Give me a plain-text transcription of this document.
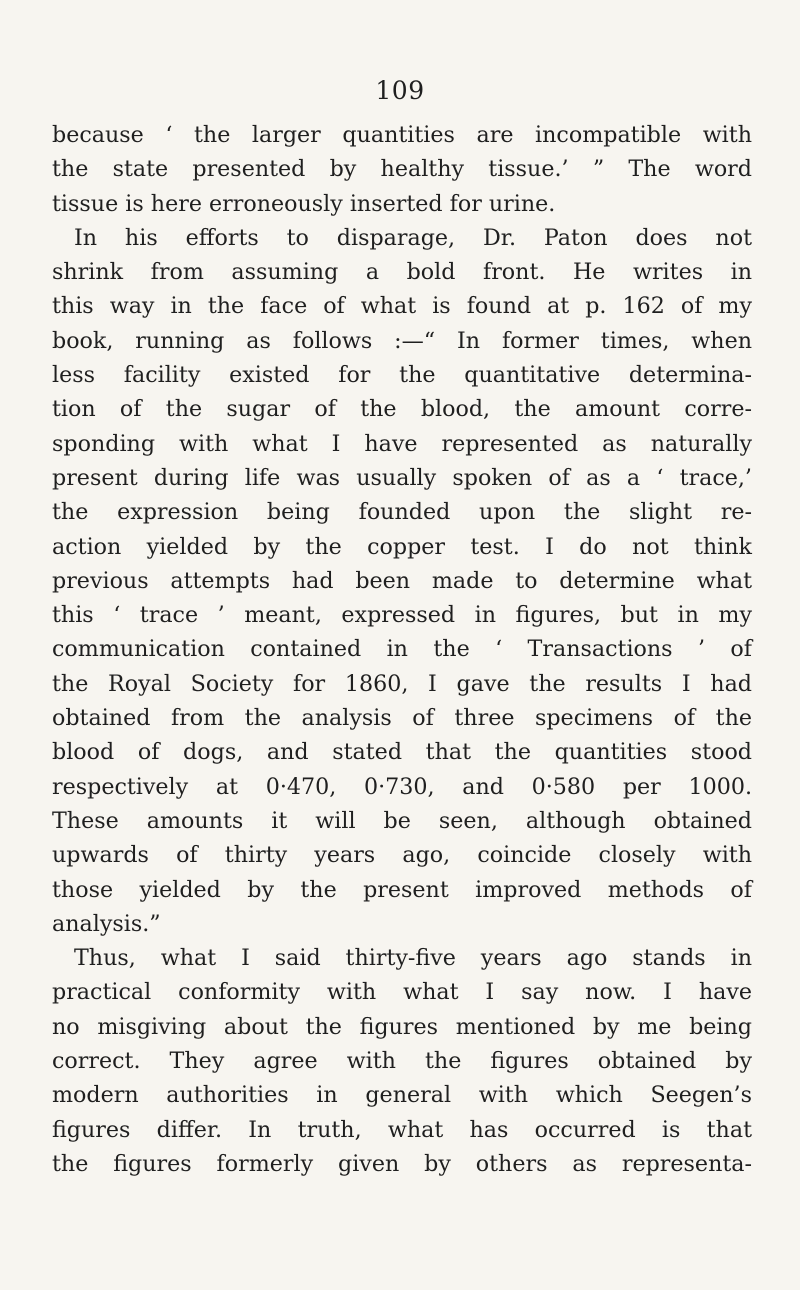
109
because ‘ the larger quantities are incompatible with
the state presented by healthy tissue.’ ” The word
tissue is here erroneously inserted for urine.
In his efforts to disparage, Dr. Paton does not
shrink from assuming a bold front. He writes in
this way in the face of what is found at p. 162 of my
book, running as follows :—“ In former times, when
less facility existed for the quantitative determina-
tion of the sugar of the blood, the amount corre-
sponding with what I have represented as naturally
present during life was usually spoken of as a ‘ trace,’
the expression being founded upon the slight re-
action yielded by the copper test. I do not think
previous attempts had been made to determine what
this ‘ trace ’ meant, expressed in figures, but in my
communication contained in the ‘ Transactions ’ of
the Royal Society for 1860, I gave the results I had
obtained from the analysis of three specimens of the
blood of dogs, and stated that the quantities stood
respectively at 0·470, 0·730, and 0·580 per 1000.
These amounts it will be seen, although obtained
upwards of thirty years ago, coincide closely with
those yielded by the present improved methods of
analysis.”
Thus, what I said thirty-five years ago stands in
practical conformity with what I say now. I have
no misgiving about the figures mentioned by me being
correct. They agree with the figures obtained by
modern authorities in general with which Seegen’s
figures differ. In truth, what has occurred is that
the figures formerly given by others as representa-
